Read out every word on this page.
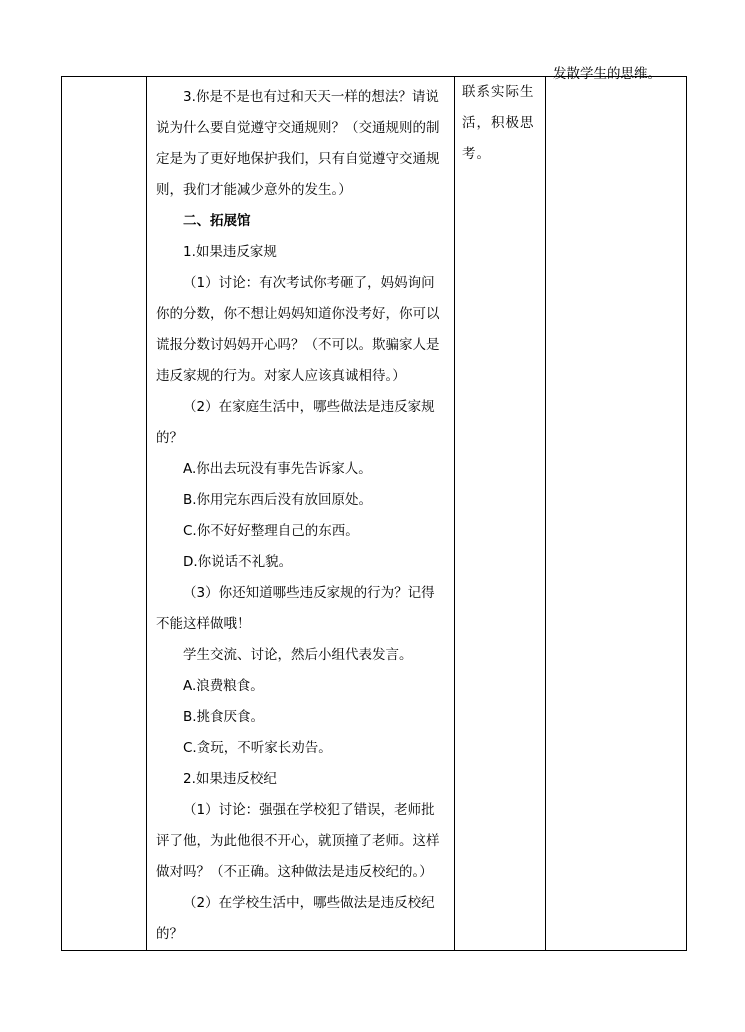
3.你是不是也有过和天天一样的想法？请说说为什么要自觉遵守交通规则？（交通规则的制定是为了更好地保护我们，只有自觉遵守交通规则，我们才能减少意外的发生。）

二、拓展馆

1.如果违反家规

（1）讨论：有次考试你考砸了，妈妈询问你的分数，你不想让妈妈知道你没考好，你可以谎报分数讨妈妈开心吗？（不可以。欺骗家人是违反家规的行为。对家人应该真诚相待。）

（2）在家庭生活中，哪些做法是违反家规的？

A.你出去玩没有事先告诉家人。

B.你用完东西后没有放回原处。

C.你不好好整理自己的东西。

D.你说话不礼貌。

（3）你还知道哪些违反家规的行为？记得不能这样做哦！

学生交流、讨论，然后小组代表发言。

A.浪费粮食。

B.挑食厌食。

C.贪玩，不听家长劝告。

2.如果违反校纪

（1）讨论：强强在学校犯了错误，老师批评了他，为此他很不开心，就顶撞了老师。这样做对吗？（不正确。这种做法是违反校纪的。）

（2）在学校生活中，哪些做法是违反校纪的？

联系实际生活，积极思考。

发散学生的思维。
